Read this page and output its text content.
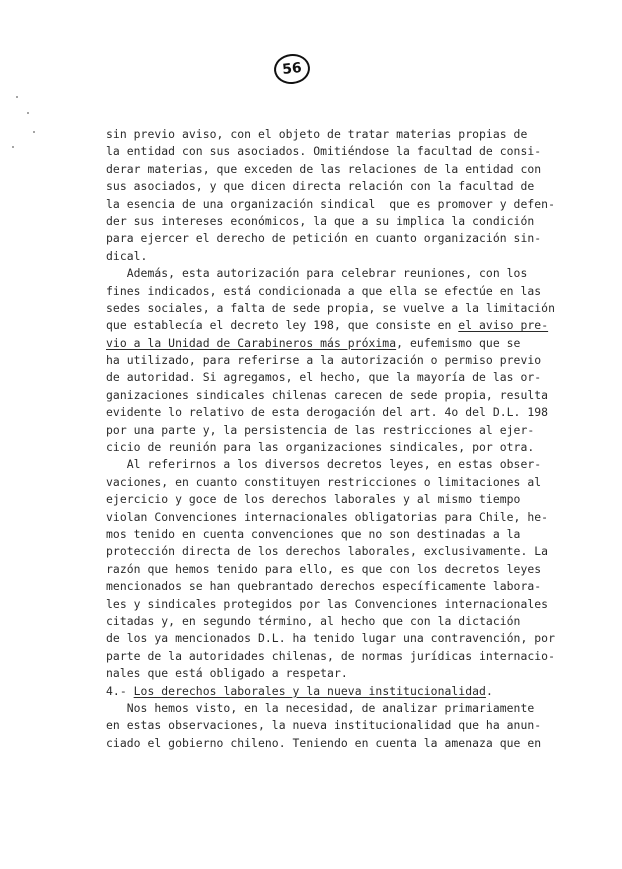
56
sin previo aviso, con el objeto de tratar materias propias de
la entidad con sus asociados. Omitiéndose la facultad de consi-
derar materias, que exceden de las relaciones de la entidad con
sus asociados, y que dicen directa relación con la facultad de
la esencia de una organización sindical  que es promover y defen-
der sus intereses económicos, la que a su implica la condición
para ejercer el derecho de petición en cuanto organización sin-
dical.
Además, esta autorización para celebrar reuniones, con los
fines indicados, está condicionada a que ella se efectúe en las
sedes sociales, a falta de sede propia, se vuelve a la limitación
que establecía el decreto ley 198, que consiste en el aviso pre-
vio a la Unidad de Carabineros más próxima, eufemismo que se
ha utilizado, para referirse a la autorización o permiso previo
de autoridad. Si agregamos, el hecho, que la mayoría de las or-
ganizaciones sindicales chilenas carecen de sede propia, resulta
evidente lo relativo de esta derogación del art. 4o del D.L. 198
por una parte y, la persistencia de las restricciones al ejer-
cicio de reunión para las organizaciones sindicales, por otra.
Al referirnos a los diversos decretos leyes, en estas obser-
vaciones, en cuanto constituyen restricciones o limitaciones al
ejercicio y goce de los derechos laborales y al mismo tiempo
violan Convenciones internacionales obligatorias para Chile, he-
mos tenido en cuenta convenciones que no son destinadas a la
protección directa de los derechos laborales, exclusivamente. La
razón que hemos tenido para ello, es que con los decretos leyes
mencionados se han quebrantado derechos específicamente labora-
les y sindicales protegidos por las Convenciones internacionales
citadas y, en segundo término, al hecho que con la dictación
de los ya mencionados D.L. ha tenido lugar una contravención, por
parte de la autoridades chilenas, de normas jurídicas internacio-
nales que está obligado a respetar.
4.- Los derechos laborales y la nueva institucionalidad.
Nos hemos visto, en la necesidad, de analizar primariamente
en estas observaciones, la nueva institucionalidad que ha anun-
ciado el gobierno chileno. Teniendo en cuenta la amenaza que en
